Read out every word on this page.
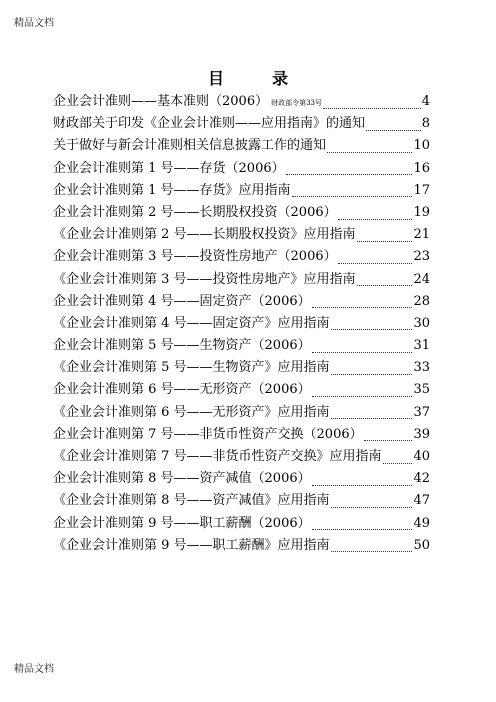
精品文档
目	录
企业会计准则——基本准则（2006） 财政部令第33号	4
财政部关于印发《企业会计准则——应用指南》的通知	8
关于做好与新会计准则相关信息披露工作的通知	10
企业会计准则第 1 号——存货（2006）	16
企业会计准则第 1 号——存货》应用指南	17
企业会计准则第 2 号——长期股权投资（2006）	19
《企业会计准则第 2 号——长期股权投资》应用指南	21
企业会计准则第 3 号——投资性房地产（2006）	23
《企业会计准则第 3 号——投资性房地产》应用指南	24
企业会计准则第 4 号——固定资产（2006）	28
《企业会计准则第 4 号——固定资产》应用指南	30
企业会计准则第 5 号——生物资产（2006）	31
《企业会计准则第 5 号——生物资产》应用指南	33
企业会计准则第 6 号——无形资产（2006）	35
《企业会计准则第 6 号——无形资产》应用指南	37
企业会计准则第 7 号——非货币性资产交换（2006）	39
《企业会计准则第 7 号——非货币性资产交换》应用指南 40
企业会计准则第 8 号——资产减值（2006）	42
《企业会计准则第 8 号——资产减值》应用指南	47
企业会计准则第 9 号——职工薪酬（2006）	49
《企业会计准则第 9 号——职工薪酬》应用指南	50
精品文档
